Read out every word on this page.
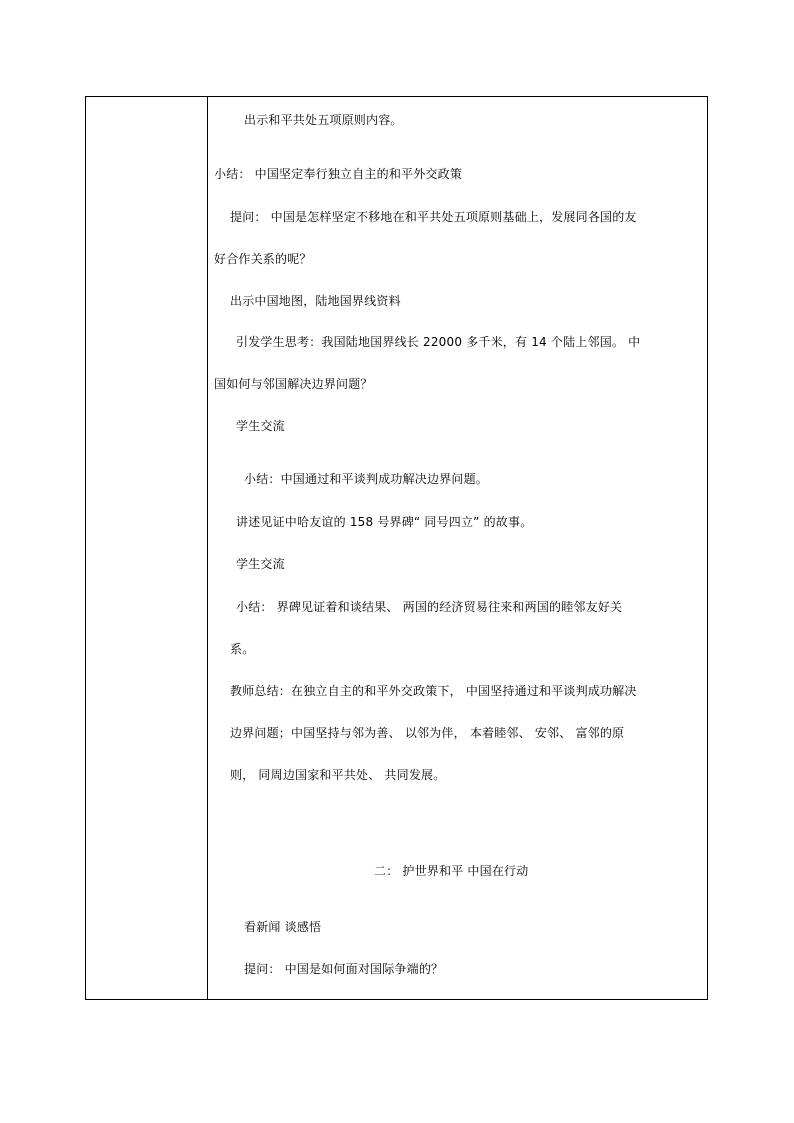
出示和平共处五项原则内容。
小结： 中国坚定奉行独立自主的和平外交政策
提问： 中国是怎样坚定不移地在和平共处五项原则基础上，发展同各国的友
好合作关系的呢？
出示中国地图，陆地国界线资料
引发学生思考：我国陆地国界线长 22000 多千米，有 14 个陆上邻国。 中
国如何与邻国解决边界问题？
学生交流
小结：中国通过和平谈判成功解决边界问题。
讲述见证中哈友谊的 158 号界碑“ 同号四立” 的故事。
学生交流
小结： 界碑见证着和谈结果、 两国的经济贸易往来和两国的睦邻友好关
系。
教师总结：在独立自主的和平外交政策下， 中国坚持通过和平谈判成功解决
边界问题；中国坚持与邻为善、 以邻为伴， 本着睦邻、 安邻、 富邻的原
则， 同周边国家和平共处、 共同发展。
二： 护世界和平 中国在行动
看新闻 谈感悟
提问： 中国是如何面对国际争端的？
